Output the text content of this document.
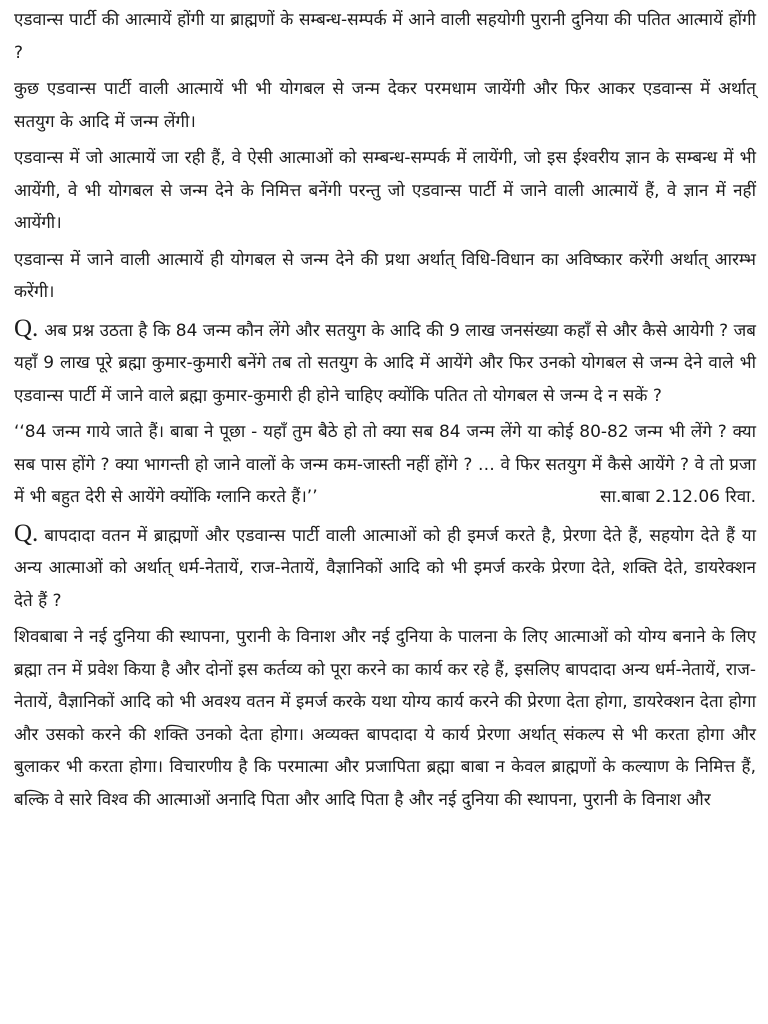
एडवान्स पार्टी की आत्मायें होंगी या ब्राह्मणों के सम्बन्ध-सम्पर्क में आने वाली सहयोगी पुरानी दुनिया की पतित आत्मायें होंगी ?

कुछ एडवान्स पार्टी वाली आत्मायें भी भी योगबल से जन्म देकर परमधाम जायेंगी और फिर आकर एडवान्स में अर्थात् सतयुग के आदि में जन्म लेंगी।

एडवान्स में जो आत्मायें जा रही हैं, वे ऐसी आत्माओं को सम्बन्ध-सम्पर्क में लायेंगी, जो इस ईश्वरीय ज्ञान के सम्बन्ध में भी आयेंगी, वे भी योगबल से जन्म देने के निमित्त बनेंगी परन्तु जो एडवान्स पार्टी में जाने वाली आत्मायें हैं, वे ज्ञान में नहीं आयेंगी।

एडवान्स में जाने वाली आत्मायें ही योगबल से जन्म देने की प्रथा अर्थात् विधि-विधान का अविष्कार करेंगी अर्थात् आरम्भ करेंगी।

Q. अब प्रश्न उठता है कि 84 जन्म कौन लेंगे और सतयुग के आदि की 9 लाख जनसंख्या कहाँ से और कैसे आयेगी ? जब यहाँ 9 लाख पूरे ब्रह्मा कुमार-कुमारी बनेंगे तब तो सतयुग के आदि में आयेंगे और फिर उनको योगबल से जन्म देने वाले भी एडवान्स पार्टी में जाने वाले ब्रह्मा कुमार-कुमारी ही होने चाहिए क्योंकि पतित तो योगबल से जन्म दे न सकें ?

‘‘84 जन्म गाये जाते हैं। बाबा ने पूछा - यहाँ तुम बैठे हो तो क्या सब 84 जन्म लेंगे या कोई 80-82 जन्म भी लेंगे ? क्या सब पास होंगे ? क्या भागन्ती हो जाने वालों के जन्म कम-जास्ती नहीं होंगे ? … वे फिर सतयुग में कैसे आयेंगे ? वे तो प्रजा में भी बहुत देरी से आयेंगे क्योंकि ग्लानि करते हैं।’’	सा.बाबा 2.12.06 रिवा.

Q. बापदादा वतन में ब्राह्मणों और एडवान्स पार्टी वाली आत्माओं को ही इमर्ज करते है, प्रेरणा देते हैं, सहयोग देते हैं या अन्य आत्माओं को अर्थात् धर्म-नेतायें, राज-नेतायें, वैज्ञानिकों आदि को भी इमर्ज करके प्रेरणा देते, शक्ति देते, डायरेक्शन देते हैं ?

शिवबाबा ने नई दुनिया की स्थापना, पुरानी के विनाश और नई दुनिया के पालना के लिए आत्माओं को योग्य बनाने के लिए ब्रह्मा तन में प्रवेश किया है और दोनों इस कर्तव्य को पूरा करने का कार्य कर रहे हैं, इसलिए बापदादा अन्य धर्म-नेतायें, राज-नेतायें, वैज्ञानिकों आदि को भी अवश्य वतन में इमर्ज करके यथा योग्य कार्य करने की प्रेरणा देता होगा, डायरेक्शन देता होगा और उसको करने की शक्ति उनको देता होगा। अव्यक्त बापदादा ये कार्य प्रेरणा अर्थात् संकल्प से भी करता होगा और बुलाकर भी करता होगा। विचारणीय है कि परमात्मा और प्रजापिता ब्रह्मा बाबा न केवल ब्राह्मणों के कल्याण के निमित्त हैं, बल्कि वे सारे विश्व की आत्माओं अनादि पिता और आदि पिता है और नई दुनिया की स्थापना, पुरानी के विनाश और
